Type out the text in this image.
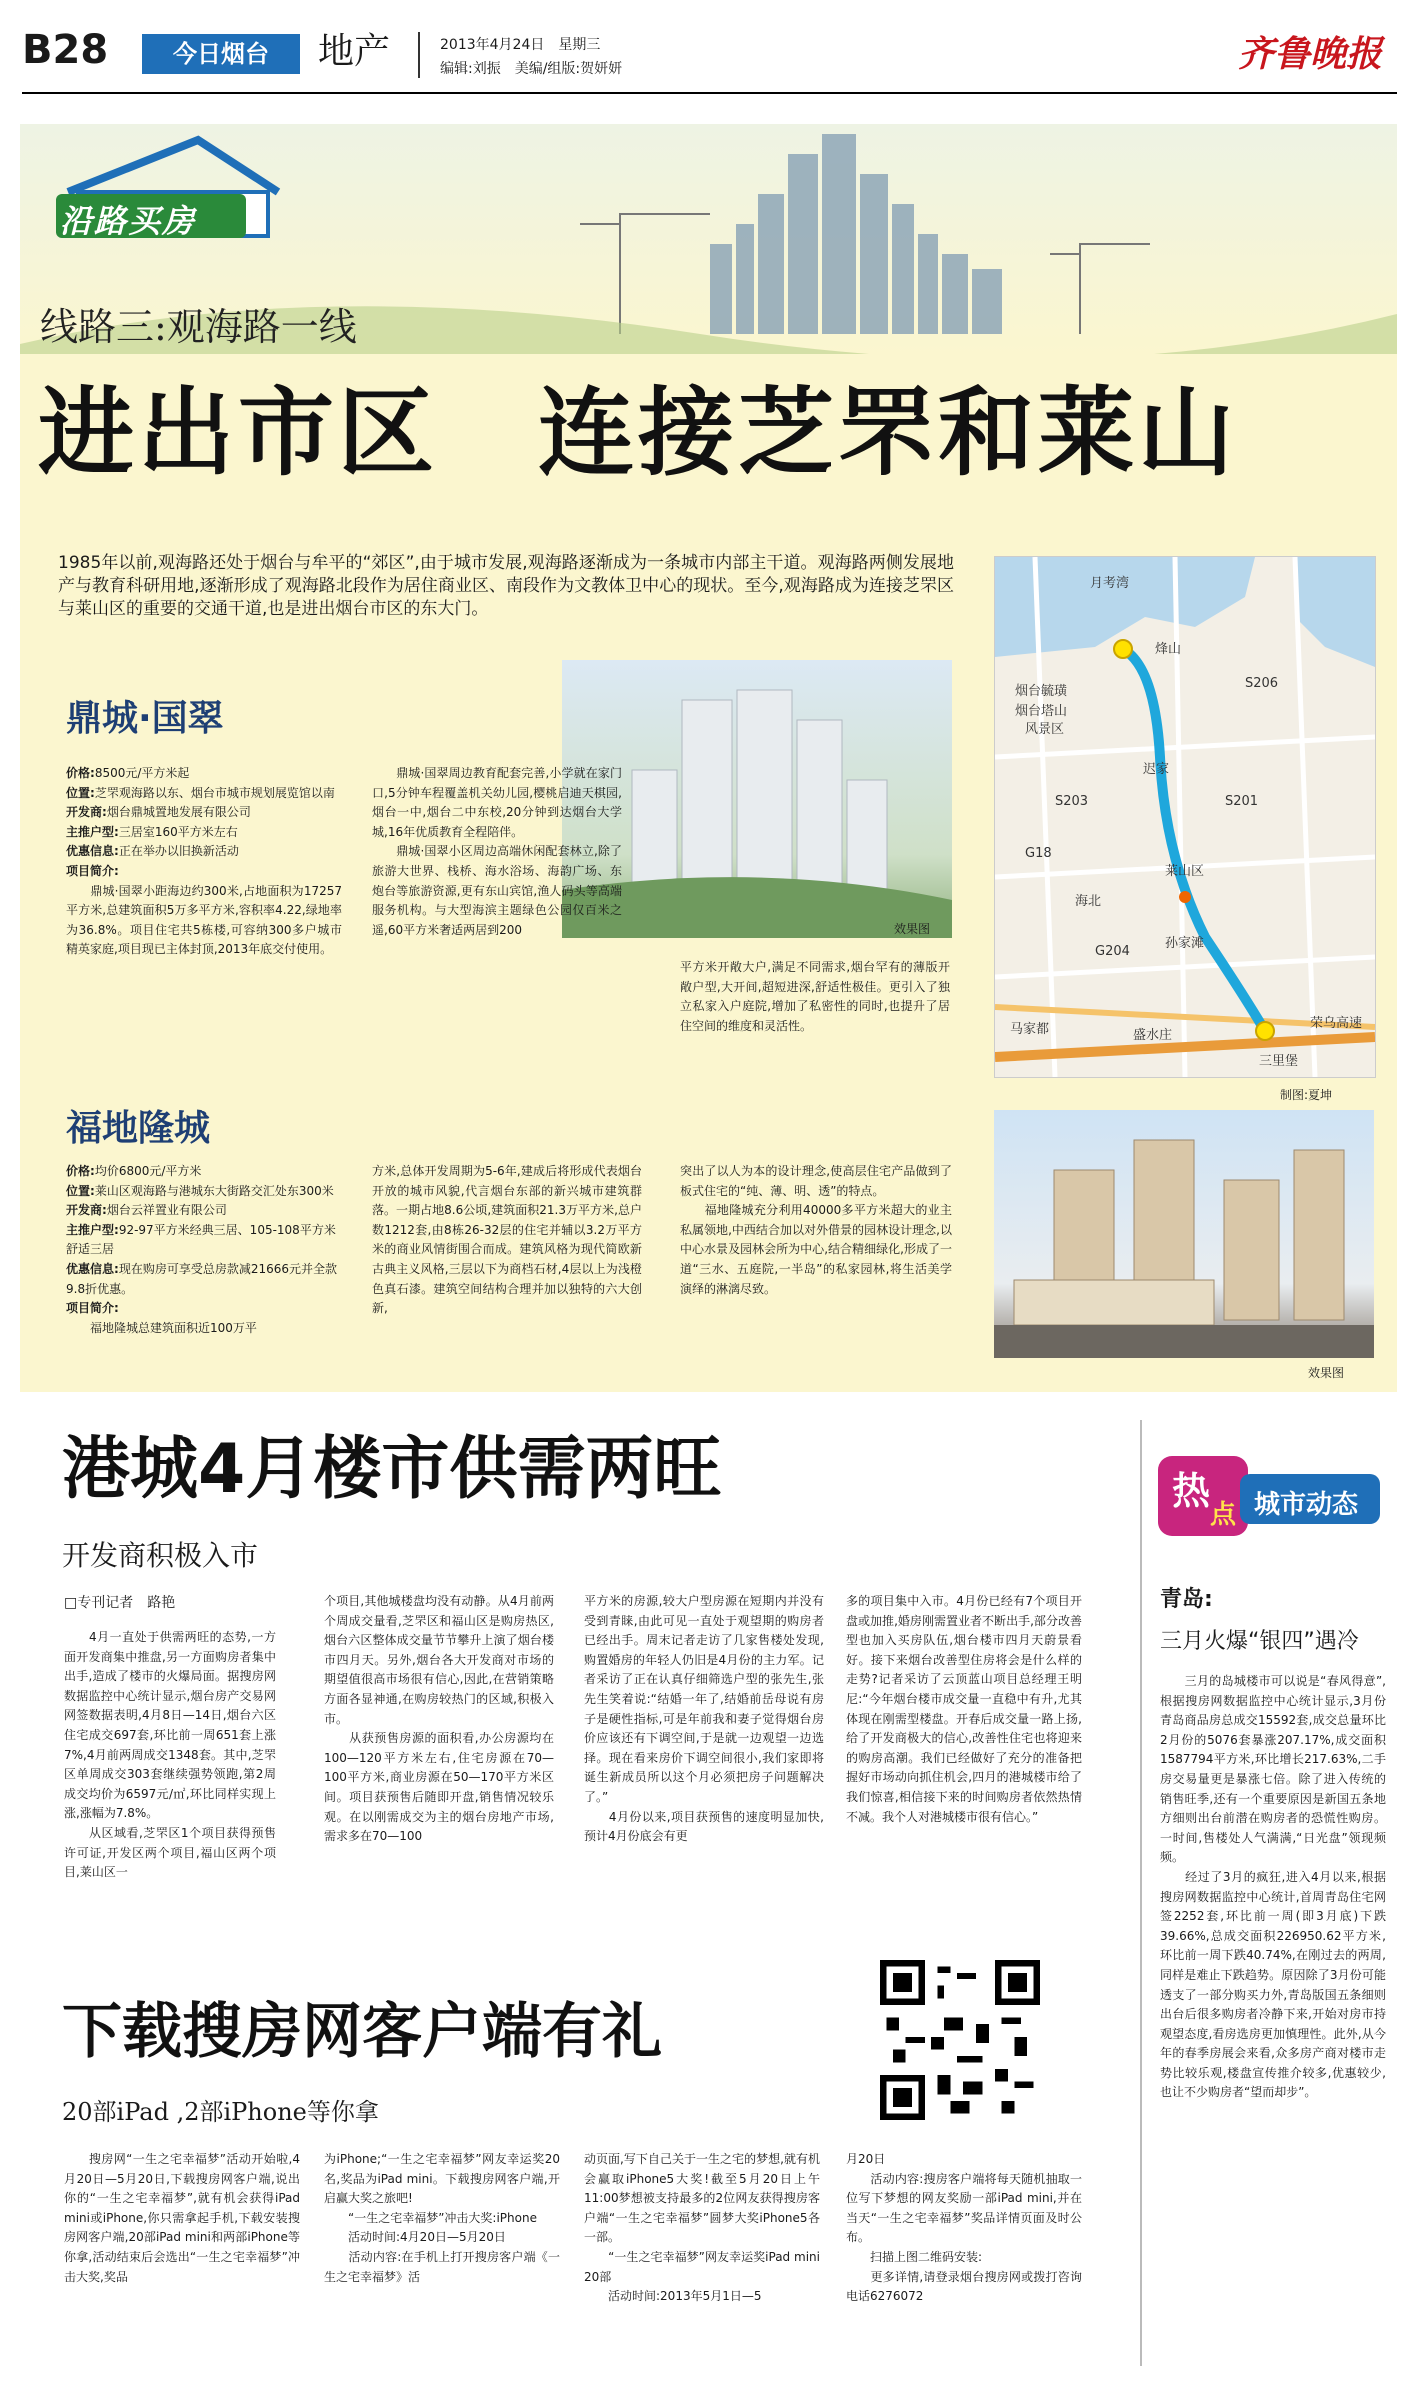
B28	今日烟台	地产	2013年4月24日　星期三
编辑:刘振　美编/组版:贺妍妍	齐鲁晚报
沿路买房
线路三:观海路一线
进出市区　连接芝罘和莱山

1985年以前,观海路还处于烟台与牟平的“郊区”,由于城市发展,观海路逐渐成为一条城市内部主干道。观海路两侧发展地产与教育科研用地,逐渐形成了观海路北段作为居住商业区、南段作为文教体卫中心的现状。至今,观海路成为连接芝罘区与莱山区的重要的交通干道,也是进出烟台市区的东大门。

月考湾
烽山
烟台毓璜
烟台塔山
风景区
迟家
莱山区
孙家滩
马家都	盛水庄
三里堡
海北
G18
G204
S201
S203
S206
荣乌高速
制图:夏坤
鼎城·国翠
效果图

价格:8500元/平方米起

位置:芝罘观海路以东、烟台市城市规划展览馆以南

开发商:烟台鼎城置地发展有限公司

主推户型:三居室160平方米左右

优惠信息:正在举办以旧换新活动

项目简介:

　　鼎城·国翠小距海边约300米,占地面积为17257平方米,总建筑面积5万多平方米,容积率4.22,绿地率为36.8%。项目住宅共5栋楼,可容纳300多户城市精英家庭,项目现已主体封顶,2013年底交付使用。

　　鼎城·国翠周边教育配套完善,小学就在家门口,5分钟车程覆盖机关幼儿园,樱桃启迪天棋园,烟台一中,烟台二中东校,20分钟到达烟台大学城,16年优质教育全程陪伴。
　　鼎城·国翠小区周边高端休闲配套林立,除了旅游大世界、栈桥、海水浴场、海韵广场、东炮台等旅游资源,更有东山宾馆,渔人码头等高端服务机构。与大型海滨主题绿色公园仅百米之遥,60平方米奢适两居到200

平方米开敞大户,满足不同需求,烟台罕有的薄版开敞户型,大开间,超短进深,舒适性极佳。更引入了独立私家入户庭院,增加了私密性的同时,也提升了居住空间的维度和灵活性。

福地隆城
效果图

价格:均价6800元/平方米

位置:莱山区观海路与港城东大街路交汇处东300米

开发商:烟台云祥置业有限公司

主推户型:92-97平方米经典三居、105-108平方米舒适三居

优惠信息:现在购房可享受总房款减21666元并全款9.8折优惠。

项目简介:

　　福地隆城总建筑面积近100万平

方米,总体开发周期为5-6年,建成后将形成代表烟台开放的城市风貌,代言烟台东部的新兴城市建筑群落。一期占地8.6公顷,建筑面积21.3万平方米,总户数1212套,由8栋26-32层的住宅并辅以3.2万平方米的商业风情街围合而成。建筑风格为现代简欧新古典主义风格,三层以下为商档石材,4层以上为浅橙色真石漆。建筑空间结构合理并加以独特的六大创新,

突出了以人为本的设计理念,使高层住宅产品做到了板式住宅的“纯、薄、明、透”的特点。
　　福地隆城充分利用40000多平方米超大的业主私属领地,中西结合加以对外借景的园林设计理念,以中心水景及园林会所为中心,结合精细绿化,形成了一道“三水、五庭院,一半岛”的私家园林,将生活美学演绎的淋漓尽致。

港城4月楼市供需两旺
开发商积极入市
□专刊记者　 路艳

　　4月一直处于供需两旺的态势,一方面开发商集中推盘,另一方面购房者集中出手,造成了楼市的火爆局面。据搜房网数据监控中心统计显示,烟台房产交易网网签数据表明,4月8日—14日,烟台六区住宅成交697套,环比前一周651套上涨7%,4月前两周成交1348套。其中,芝罘区单周成交303套继续强势领跑,第2周成交均价为6597元/㎡,环比同样实现上涨,涨幅为7.8%。
　　从区域看,芝罘区1个项目获得预售许可证,开发区两个项目,福山区两个项目,莱山区一

个项目,其他城楼盘均没有动静。从4月前两个周成交量看,芝罘区和福山区是购房热区,烟台六区整体成交量节节攀升上演了烟台楼市四月天。另外,烟台各大开发商对市场的期望值很高市场很有信心,因此,在营销策略方面各显神通,在购房较热门的区域,积极入市。
　　从获预售房源的面积看,办公房源均在100—120平方米左右,住宅房源在70—100平方米,商业房源在50—170平方米区间。项目获预售后随即开盘,销售情况较乐观。在以刚需成交为主的烟台房地产市场,需求多在70—100

平方米的房源,较大户型房源在短期内并没有受到青睐,由此可见一直处于观望期的购房者已经出手。周末记者走访了几家售楼处发现,购置婚房的年轻人仍旧是4月份的主力军。记者采访了正在认真仔细筛选户型的张先生,张先生笑着说:“结婚一年了,结婚前岳母说有房子是硬性指标,可是年前我和妻子觉得烟台房价应该还有下调空间,于是就一边观望一边选择。现在看来房价下调空间很小,我们家即将诞生新成员所以这个月必须把房子问题解决了。”
　　4月份以来,项目获预售的速度明显加快,预计4月份底会有更

多的项目集中入市。4月份已经有7个项目开盘或加推,婚房刚需置业者不断出手,部分改善型也加入买房队伍,烟台楼市四月天蔚景看好。接下来烟台改善型住房将会是什么样的走势?记者采访了云顶蓝山项目总经理王明尼:“今年烟台楼市成交量一直稳中有升,尤其体现在刚需型楼盘。开春后成交量一路上扬,给了开发商极大的信心,改善性住宅也将迎来的购房高潮。我们已经做好了充分的准备把握好市场动向抓住机会,四月的港城楼市给了我们惊喜,相信接下来的时间购房者依然热情不减。我个人对港城楼市很有信心。”

热
点 城市动态
青岛:
三月火爆“银四”遇冷

　　三月的岛城楼市可以说是“春风得意”,根据搜房网数据监控中心统计显示,3月份青岛商品房总成交15592套,成交总量环比2月份的5076套暴涨207.17%,成交面积1587794平方米,环比增长217.63%,二手房交易量更是暴涨七倍。除了进入传统的销售旺季,还有一个重要原因是新国五条地方细则出台前潜在购房者的恐慌性购房。一时间,售楼处人气满满,“日光盘”领现频频。
　　经过了3月的疯狂,进入4月以来,根据搜房网数据监控中心统计,首周青岛住宅网签2252套,环比前一周(即3月底)下跌39.66%,总成交面积226950.62平方米,环比前一周下跌40.74%,在刚过去的两周,同样是难止下跌趋势。原因除了3月份可能透支了一部分购买力外,青岛版国五条细则出台后很多购房者冷静下来,开始对房市持观望态度,看房选房更加慎理性。此外,从今年的春季房展会来看,众多房产商对楼市走势比较乐观,楼盘宣传推介较多,优惠较少,也让不少购房者“望而却步”。

下载搜房网客户端有礼
20部iPad ,2部iPhone等你拿

　　搜房网“一生之宅幸福梦”活动开始啦,4月20日—5月20日,下载搜房网客户端,说出你的“一生之宅幸福梦”,就有机会获得iPad mini或iPhone,你只需拿起手机,下载安装搜房网客户端,20部iPad mini和两部iPhone等你拿,活动结束后会选出“一生之宅幸福梦”冲击大奖,奖品

为iPhone;“一生之宅幸福梦”网友幸运奖20名,奖品为iPad mini。下载搜房网客户端,开启赢大奖之旅吧!
　　“一生之宅幸福梦”冲击大奖:iPhone
　　活动时间:4月20日—5月20日
　　活动内容:在手机上打开搜房客户端《一生之宅幸福梦》活

动页面,写下自己关于一生之宅的梦想,就有机会赢取iPhone5大奖!截至5月20日上午11:00梦想被支持最多的2位网友获得搜房客户端“一生之宅幸福梦”圆梦大奖iPhone5各一部。
　　“一生之宅幸福梦”网友幸运奖iPad mini 20部
　　活动时间:2013年5月1日—5

月20日
　　活动内容:搜房客户端将每天随机抽取一位写下梦想的网友奖励一部iPad mini,并在当天“一生之宅幸福梦”奖品详情页面及时公布。
　　扫描上图二维码安装:
　　更多详情,请登录烟台搜房网或拨打咨询电话6276072
